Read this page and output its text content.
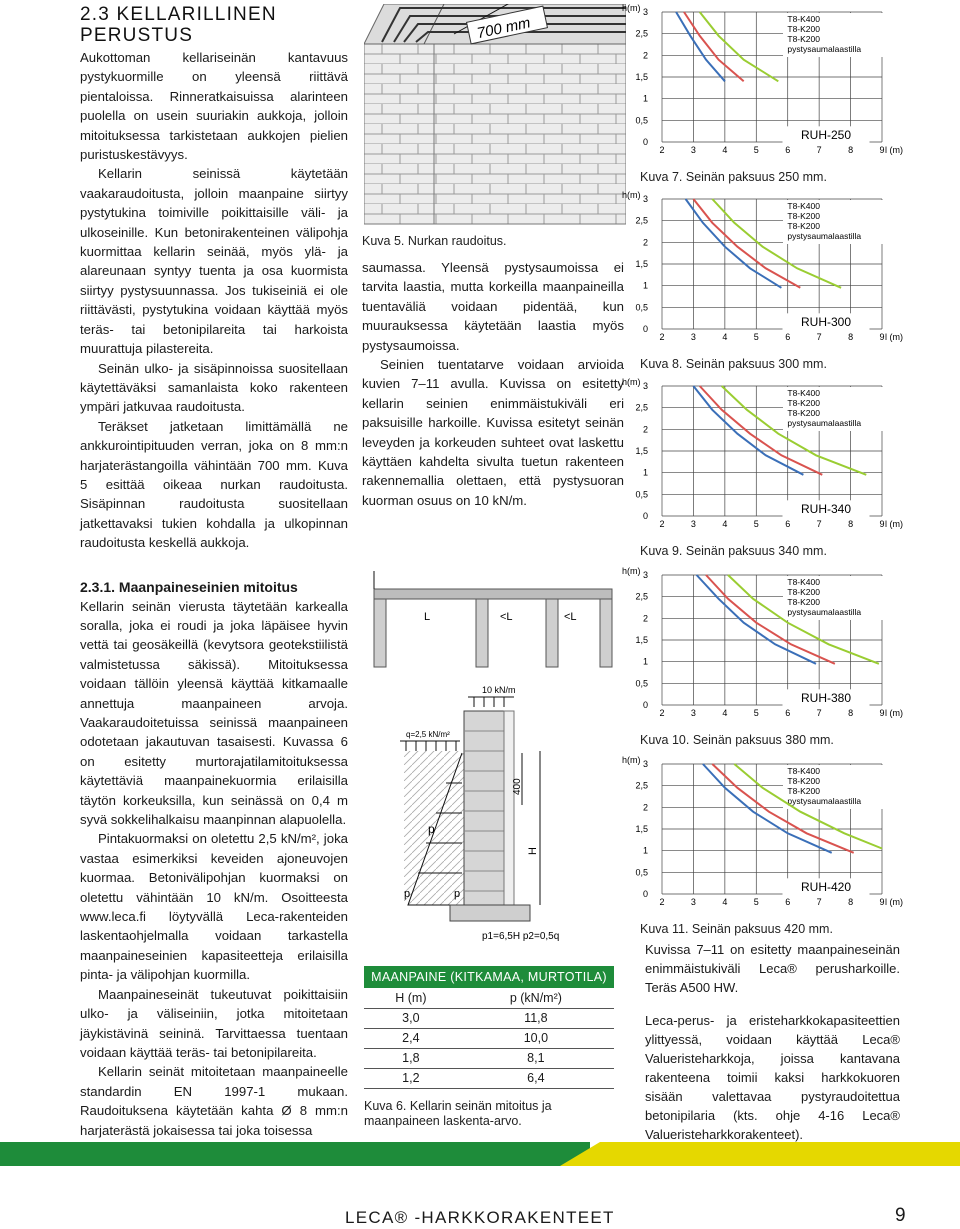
2.3 KELLARILLINEN
PERUSTUS

Aukottoman kellariseinän kantavuus pystykuormille on yleensä riittävä pientaloissa. Rinneratkaisuissa alarinteen puolella on usein suuriakin aukkoja, jolloin mitoituksessa tarkistetaan aukkojen pielien puristuskestävyys.

Kellarin seinissä käytetään vaakaraudoitusta, jolloin maanpaine siirtyy pystytukina toimiville poikittaisille väli- ja ulkoseinille. Kun betonirakenteinen välipohja kuormittaa kellarin seinää, myös ylä- ja alareunaan syntyy tuenta ja osa kuormista siirtyy pystysuunnassa. Jos tukiseiniä ei ole riittävästi, pystytukina voidaan käyttää myös teräs- tai betonipilareita tai harkoista muurattuja pilastereita.

Seinän ulko- ja sisäpinnoissa suositellaan käytettäväksi samanlaista koko rakenteen ympäri jatkuvaa raudoitusta.

Teräkset jatketaan limittämällä ne ankkurointipituuden verran, joka on 8 mm:n harjaterästangoilla vähintään 700 mm. Kuva 5 esittää oikeaa nurkan raudoitusta. Sisäpinnan raudoitusta suositellaan jatkettavaksi tukien kohdalla ja ulkopinnan raudoitusta keskellä aukkoja.

2.3.1. Maanpaineseinien mitoitus

Kellarin seinän vierusta täytetään karkealla soralla, joka ei roudi ja joka läpäisee hyvin vettä tai geosäkeillä (kevytsora geotekstiilistä valmistetussa säkissä). Mitoituksessa voidaan tällöin yleensä käyttää kitkamaalle annettuja maanpaineen arvoja. Vaakaraudoitetuissa seinissä maanpaineen odotetaan jakautuvan tasaisesti. Kuvassa 6 on esitetty murtorajatilamitoituksessa käytettäviä maanpainekuormia erilaisilla täytön korkeuksilla, kun seinässä on 0,4 m syvä sokkelihalkaisu maanpinnan alapuolella.

Pintakuormaksi on oletettu 2,5 kN/m², joka vastaa esimerkiksi keveiden ajoneuvojen kuormaa. Betonivälipohjan kuormaksi on oletettu vähintään 10 kN/m. Osoitteesta www.leca.fi löytyvällä Leca-rakenteiden laskentaohjelmalla voidaan tarkastella maanpaineseinien kapasiteetteja erilaisilla pinta- ja välipohjan kuormilla.

Maanpaineseinät tukeutuvat poikittaisiin ulko- ja väliseiniin, jotka mitoitetaan jäykistävinä seininä. Tarvittaessa tuentaan voidaan käyttää teräs- tai betonipilareita.

Kellarin seinät mitoitetaan maanpaineelle standardin EN 1997-1 mukaan. Raudoituksena käytetään kahta Ø 8 mm:n harjaterästä jokaisessa tai joka toisessa

700 mm
Kuva 5. Nurkan raudoitus.

saumassa. Yleensä pystysaumoissa ei tarvita laastia, mutta korkeilla maanpaineilla tuentaväliä voidaan pidentää, kun muurauksessa käytetään laastia myös pystysaumoissa.

Seinien tuentatarve voidaan arvioida kuvien 7–11 avulla. Kuvissa on esitetty kellarin seinien enimmäistukiväli eri paksuisille harkoille. Kuvissa esitetyt seinän leveyden ja korkeuden suhteet ovat laskettu käyttäen kahdelta sivulta tuetun rakenteen rakennemallia olettaen, että pystysuoran kuorman osuus on 10 kN/m.

L	<L	<L
10 kN/m
q=2,5 kN/m²
p
p	p
400
H
p1=6,5H p2=0,5q
MAANPAINE (KITKAMAA, MURTOTILA)
H (m)	p (kN/m²)
3,0	11,8
2,4	10,0
1,8	8,1
1,2	6,4
Kuva 6. Kellarin seinän mitoitus ja maanpaineen laskenta-arvo.
2	3	4	5	6	7	8	9
0
0,5
1
1,5
2
2,5
3
h(m)
l (m)
T8-K400
T8-K200
T8-K200
pystysaumalaastilla
RUH-250
Kuva 7. Seinän paksuus 250 mm.
2	3	4	5	6	7	8	9
0
0,5
1
1,5
2
2,5
3
h(m)
l (m)
T8-K400
T8-K200
T8-K200
pystysaumalaastilla
RUH-300
Kuva 8. Seinän paksuus 300 mm.
2	3	4	5	6	7	8	9
0
0,5
1
1,5
2
2,5
3
h(m)
l (m)
T8-K400
T8-K200
T8-K200
pystysaumalaastilla
RUH-340
Kuva 9. Seinän paksuus 340 mm.
2	3	4	5	6	7	8	9
0
0,5
1
1,5
2
2,5
3
h(m)
l (m)
T8-K400
T8-K200
T8-K200
pystysaumalaastilla
RUH-380
Kuva 10. Seinän paksuus 380 mm.
2	3	4	5	6	7	8	9
0
0,5
1
1,5
2
2,5
3
h(m)
l (m)
T8-K400
T8-K200
T8-K200
pystysaumalaastilla
RUH-420
Kuva 11. Seinän paksuus 420 mm.

Kuvissa 7–11 on esitetty maanpaineseinän enimmäistukiväli Leca® perusharkoille. Teräs A500 HW.

Leca-perus- ja eristeharkkokapasiteettien ylittyessä, voidaan käyttää Leca® Valueristeharkkoja, joissa kantavana rakenteena toimii kaksi harkkokuoren sisään valettavaa pystyraudoitettua betonipilaria (kts. ohje 4-16 Leca® Valueristeharkkorakenteet).

LECA® -HARKKORAKENTEET	9
